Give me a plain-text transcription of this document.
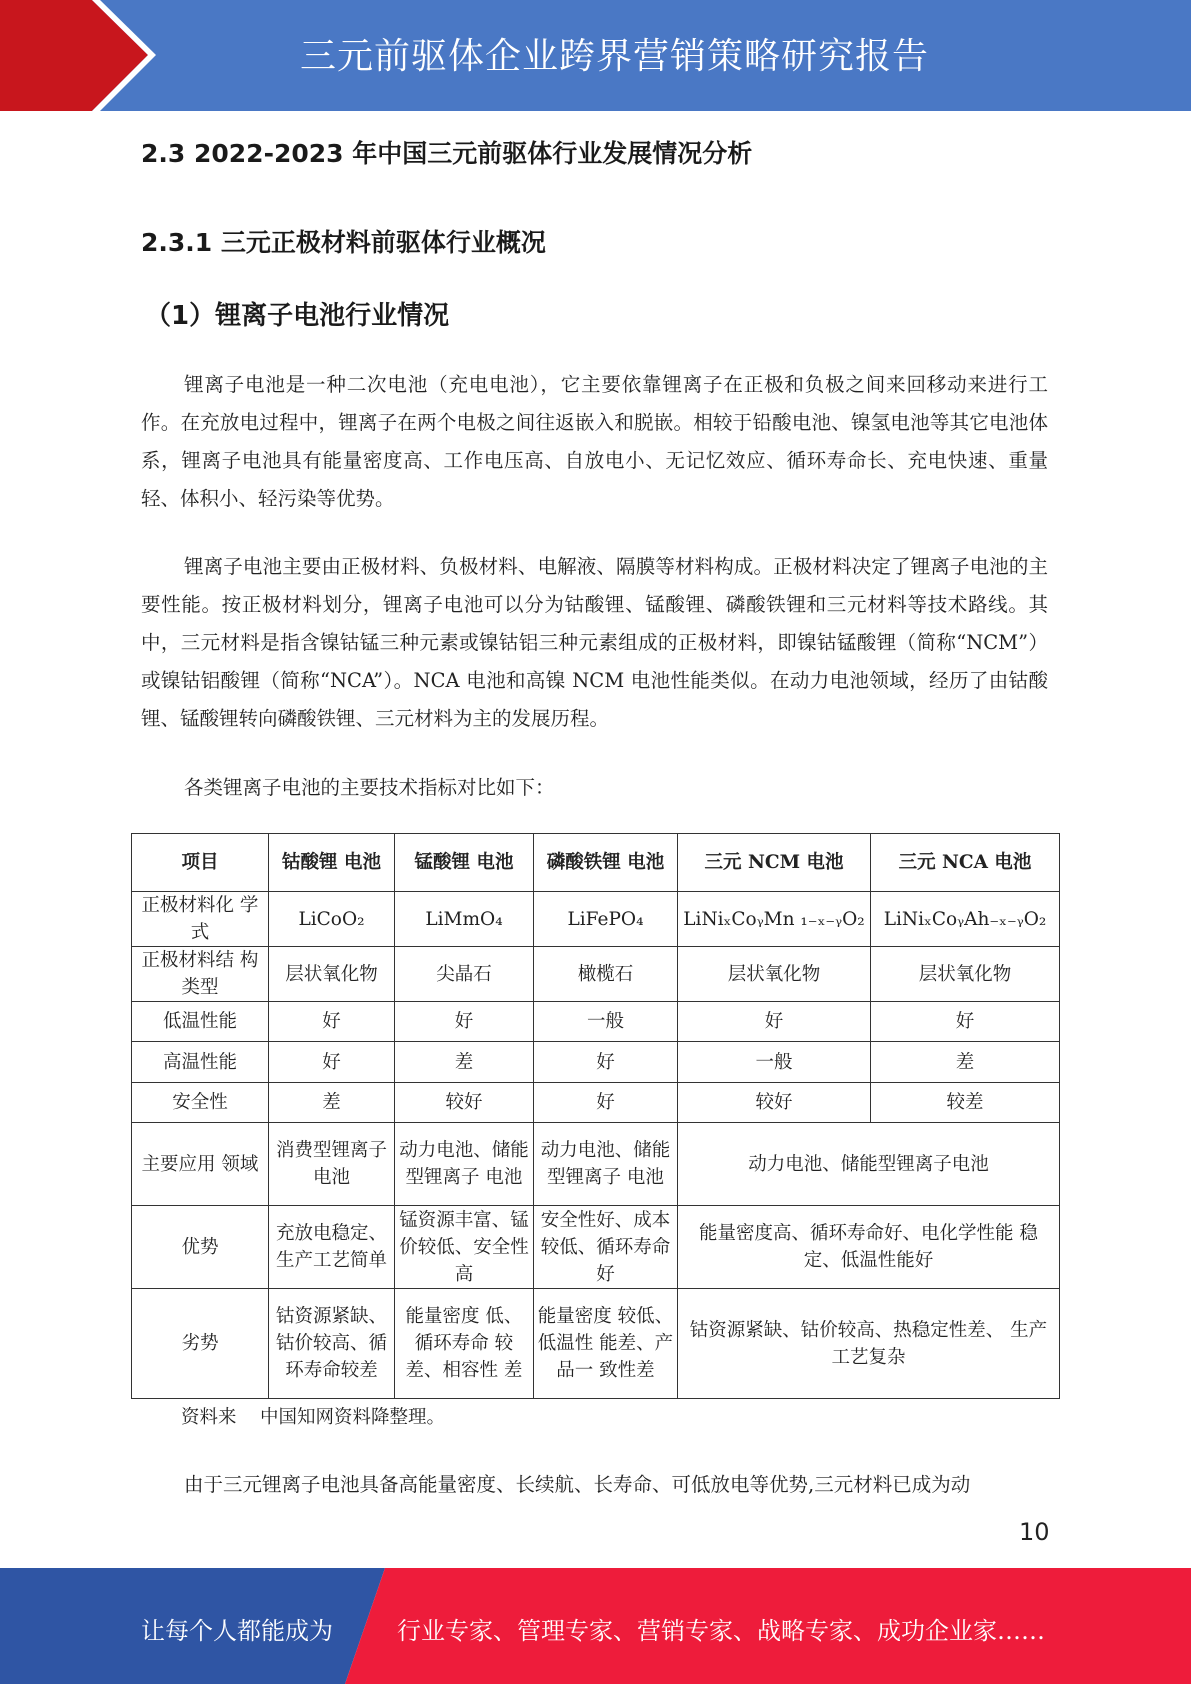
三元前驱体企业跨界营销策略研究报告
2.3 2022-2023 年中国三元前驱体行业发展情况分析
2.3.1 三元正极材料前驱体行业概况
（1）锂离子电池行业情况
锂离子电池是一种二次电池（充电电池），它主要依靠锂离子在正极和负极之间来回移动来进行工作。在充放电过程中，锂离子在两个电极之间往返嵌入和脱嵌。相较于铅酸电池、镍氢电池等其它电池体系，锂离子电池具有能量密度高、工作电压高、自放电小、无记忆效应、循环寿命长、充电快速、重量轻、体积小、轻污染等优势。
锂离子电池主要由正极材料、负极材料、电解液、隔膜等材料构成。正极材料决定了锂离子电池的主要性能。按正极材料划分，锂离子电池可以分为钴酸锂、锰酸锂、磷酸铁锂和三元材料等技术路线。其中，三元材料是指含镍钴锰三种元素或镍钴铝三种元素组成的正极材料，即镍钴锰酸锂（简称“NCM”）或镍钴铝酸锂（简称“NCA”）。NCA 电池和高镍 NCM 电池性能类似。在动力电池领域，经历了由钴酸锂、锰酸锂转向磷酸铁锂、三元材料为主的发展历程。
各类锂离子电池的主要技术指标对比如下：
项目	钴酸锂 电池	锰酸锂 电池	磷酸铁锂 电池	三元 NCM 电池	三元 NCA 电池
正极材料化 学式	LiCoO₂	LiMmO₄	LiFePO₄	LiNiₓCoᵧMn ₁₋ₓ₋ᵧO₂	LiNiₓCoᵧAh₋ₓ₋ᵧO₂
正极材料结 构类型	层状氧化物	尖晶石	橄榄石	层状氧化物	层状氧化物
低温性能	好	好	一般	好	好
高温性能	好	差	好	一般	差
安全性	差	较好	好	较好	较差
主要应用 领域	消费型锂离子电池	动力电池、储能型锂离子 电池	动力电池、储能型锂离子 电池	动力电池、储能型锂离子电池	
优势	充放电稳定、生产工艺简单	锰资源丰富、锰价较低、安全性高	安全性好、成本较低、循环寿命好	能量密度高、循环寿命好、电化学性能 稳定、低温性能好	
劣势	钴资源紧缺、钴价较高、循环寿命较差	能量密度 低、循环寿命 较差、相容性 差	能量密度 较低、低温性 能差、产品一 致性差	钴资源紧缺、钴价较高、热稳定性差、 生产工艺复杂	
资料来    中国知网资料降整理。
由于三元锂离子电池具备高能量密度、长续航、长寿命、可低放电等优势,三元材料已成为动
10
让每个人都能成为	行业专家、管理专家、营销专家、战略专家、成功企业家……
